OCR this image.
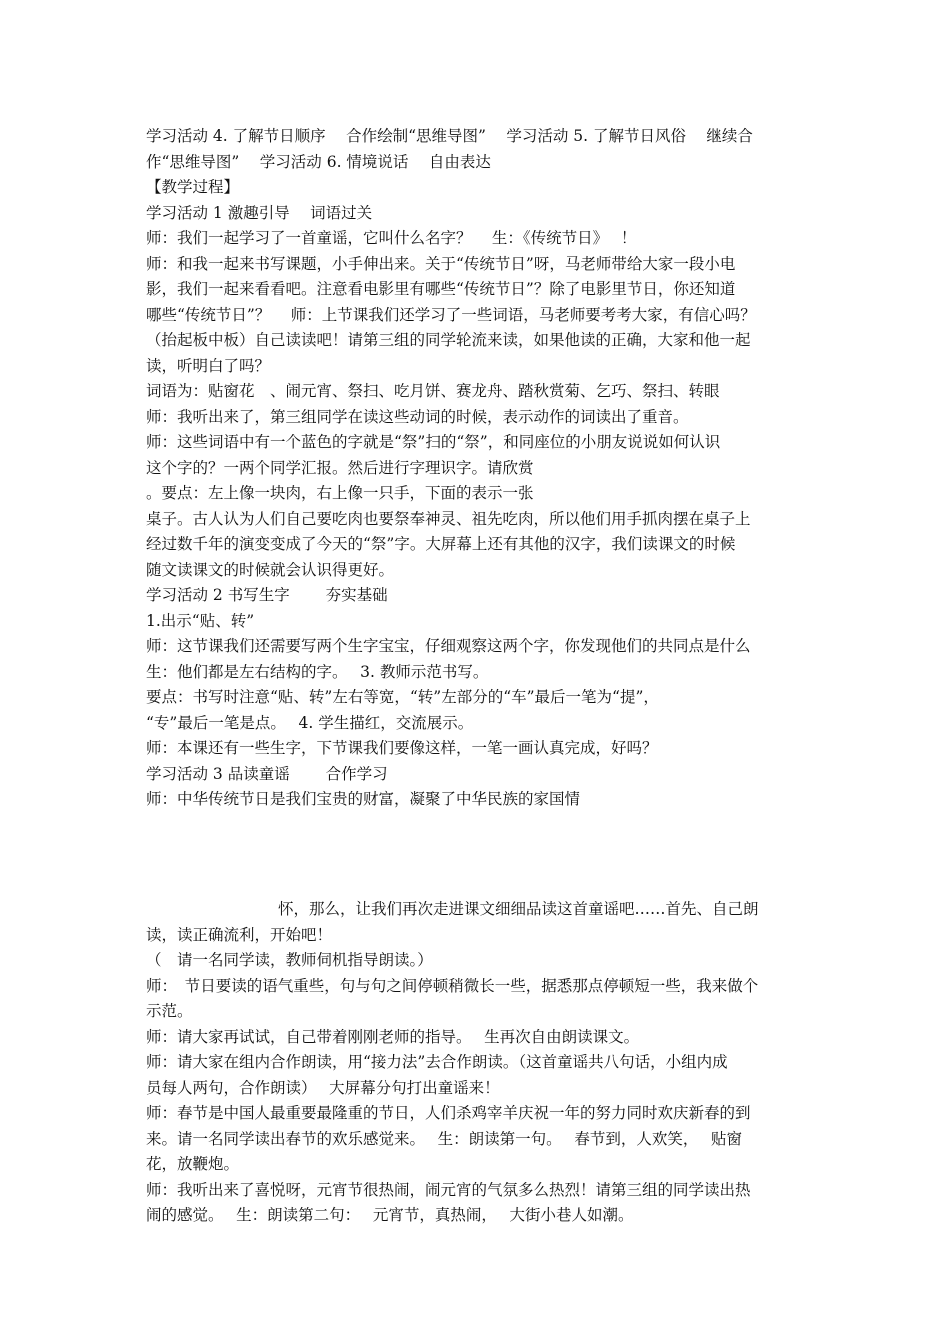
学习活动 4. 了解节日顺序　 合作绘制“思维导图”　 学习活动 5. 了解节日风俗　 继续合

作“思维导图”　 学习活动 6. 情境说话　 自由表达

【教学过程】

学习活动 1 激趣引导　 词语过关

师：我们一起学习了一首童谣，它叫什么名字？　 生：《传统节日》　 ！

师：和我一起来书写课题，小手伸出来。关于“传统节日”呀，马老师带给大家一段小电

影，我们一起来看看吧。注意看电影里有哪些“传统节日”？除了电影里节日，你还知道

哪些“传统节日”？　 师：上节课我们还学习了一些词语，马老师要考考大家，有信心吗？

（抬起板中板）自己读读吧！请第三组的同学轮流来读，如果他读的正确，大家和他一起

读，听明白了吗？

词语为：贴窗花　、闹元宵、祭扫、吃月饼、赛龙舟、踏秋赏菊、乞巧、祭扫、转眼

师：我听出来了，第三组同学在读这些动词的时候，表示动作的词读出了重音。

师：这些词语中有一个蓝色的字就是“祭”扫的“祭”，和同座位的小朋友说说如何认识

这个字的？一两个同学汇报。然后进行字理识字。请欣赏

。要点：左上像一块肉，右上像一只手，下面的表示一张

桌子。古人认为人们自己要吃肉也要祭奉神灵、祖先吃肉，所以他们用手抓肉摆在桌子上

经过数千年的演变变成了今天的“祭”字。大屏幕上还有其他的汉字，我们读课文的时候

随文读课文的时候就会认识得更好。

学习活动 2 书写生字　　 夯实基础

1.出示“贴、转”

师：这节课我们还需要写两个生字宝宝，仔细观察这两个字，你发现他们的共同点是什么

生：他们都是左右结构的字。　 3. 教师示范书写。

要点：书写时注意“贴、转”左右等宽，“转”左部分的“车”最后一笔为“提”，

“专”最后一笔是点。　 4. 学生描红，交流展示。

师：本课还有一些生字，下节课我们要像这样，一笔一画认真完成，好吗？

学习活动 3 品读童谣　　 合作学习

师：中华传统节日是我们宝贵的财富，凝聚了中华民族的家国情

怀，那么，让我们再次走进课文细细品读这首童谣吧……首先、自己朗

读，读正确流利，开始吧！

（　请一名同学读，教师伺机指导朗读。）

师：　节日要读的语气重些，句与句之间停顿稍微长一些，据悉那点停顿短一些，我来做个

示范。

师：请大家再试试，自己带着刚刚老师的指导。　 生再次自由朗读课文。

师：请大家在组内合作朗读，用“接力法”去合作朗读。（这首童谣共八句话，小组内成

员每人两句，合作朗读）　 大屏幕分句打出童谣来！

师：春节是中国人最重要最隆重的节日，人们杀鸡宰羊庆祝一年的努力同时欢庆新春的到

来。请一名同学读出春节的欢乐感觉来。　 生：朗读第一句。　 春节到，人欢笑，　 贴窗

花，放鞭炮。

师：我听出来了喜悦呀，元宵节很热闹，闹元宵的气氛多么热烈！请第三组的同学读出热

闹的感觉。　 生：朗读第二句：　 元宵节，真热闹，　 大街小巷人如潮。
